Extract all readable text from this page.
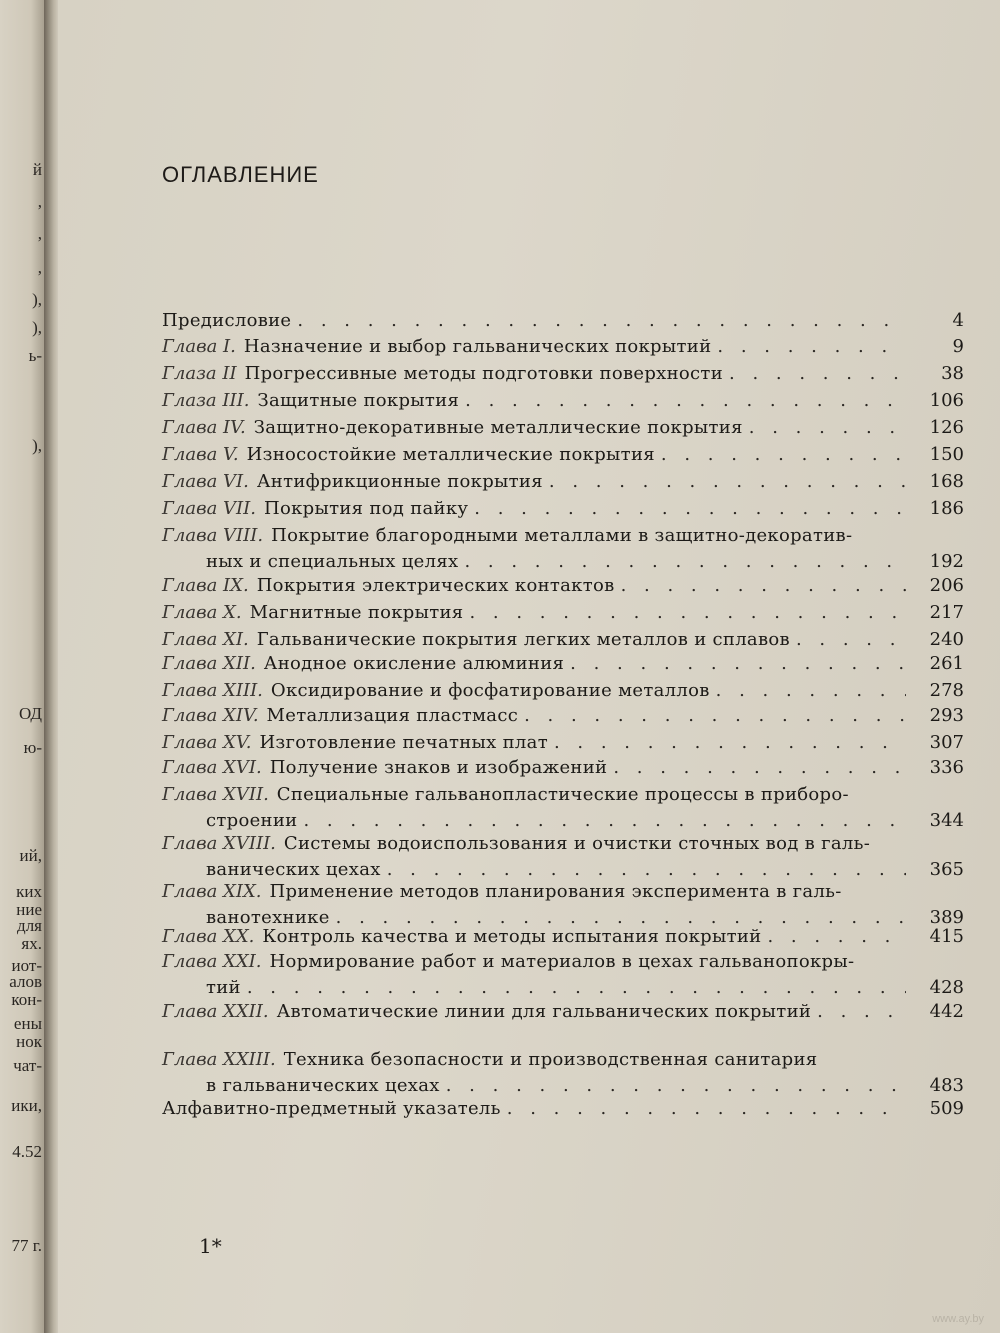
й
,
,
,
),
),
ь-
),
ОД
ю-
ий,
ких
ние
для
ях.
иот-
алов
кон-
ены
нок
чат-
ики,
4.52
77 г.
ОГЛАВЛЕНИЕ
Предисловие . . .	4
Глава I. Назначение и выбор гальванических покрытий . . .	9
Глаза II Прогрессивные методы подготовки поверхности . . .	38
Глаза III. Защитные покрытия . . .	106
Глава IV. Защитно-декоративные металлические покрытия . . .	126
Глава V. Износостойкие металлические покрытия . . .	150
Глава VI. Антифрикционные покрытия . . .	168
Глава VII. Покрытия под пайку . . .	186
Глава VIII. Покрытие благородными металлами в защитно-декоратив-
ных и специальных целях . . .	192
Глава IX. Покрытия электрических контактов . . .	206
Глава X. Магнитные покрытия . . .	217
Глава XI. Гальванические покрытия легких металлов и сплавов . . .	240
Глава XII. Анодное окисление алюминия . . .	261
Глава XIII. Оксидирование и фосфатирование металлов . . .	278
Глава XIV. Металлизация пластмасс . . .	293
Глава XV. Изготовление печатных плат . . .	307
Глава XVI. Получение знаков и изображений . . .	336
Глава XVII. Специальные гальванопластические процессы в приборо-
строении . . .	344
Глава XVIII. Системы водоиспользования и очистки сточных вод в галь-
ванических цехах . . .	365
Глава XIX. Применение методов планирования эксперимента в галь-
ванотехнике . . .	389
Глава XX. Контроль качества и методы испытания покрытий . . .	415
Глава XXI. Нормирование работ и материалов в цехах гальванопокры-
тий . . .	428
Глава XXII. Автоматические линии для гальванических покрытий . . .	442
Глава XXIII. Техника безопасности и производственная санитария
в гальванических цехах . . .	483
Алфавитно-предметный указатель . . .	509
1*
www.ay.by
